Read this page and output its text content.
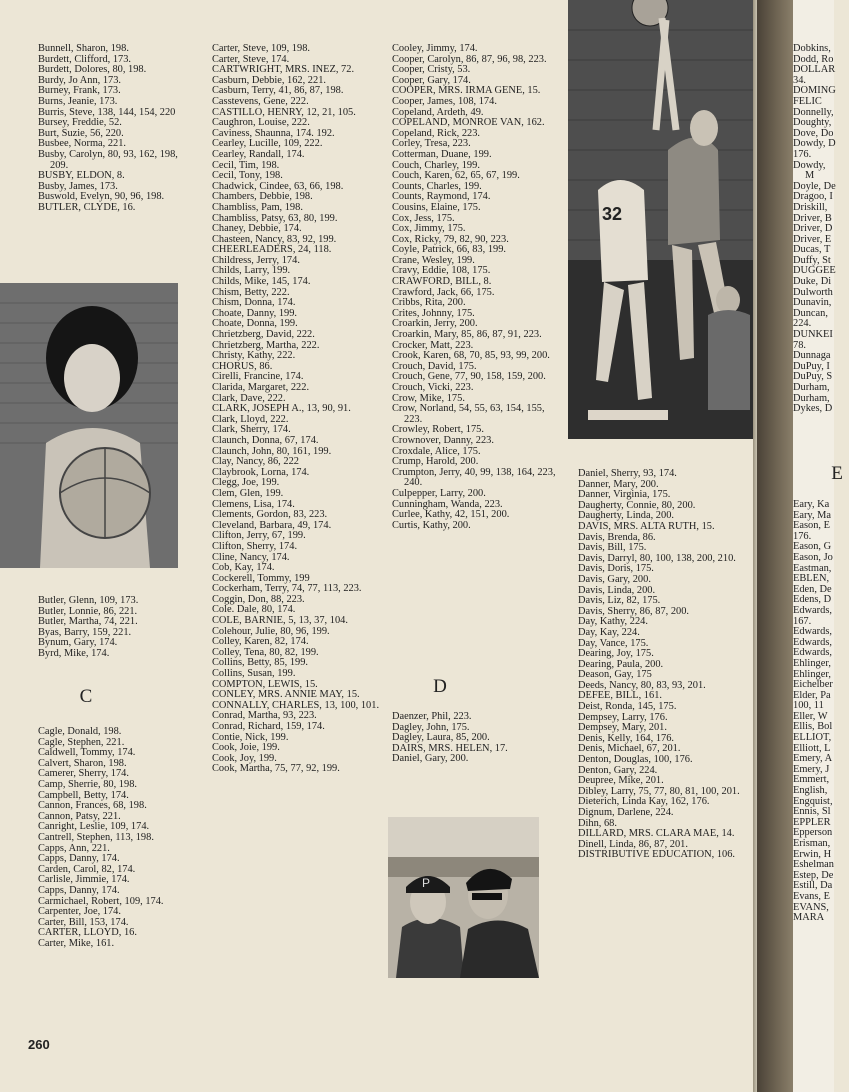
Bunnell, Sharon, 198.
Burdett, Clifford, 173.
Burdett, Dolores, 80, 198.
Burdy, Jo Ann, 173.
Burney, Frank, 173.
Burns, Jeanie, 173.
Burris, Steve, 138, 144, 154, 220
Bursey, Freddie, 52.
Burt, Suzie, 56, 220.
Busbee, Norma, 221.
Busby, Carolyn, 80, 93, 162, 198, 209.
BUSBY, ELDON, 8.
Busby, James, 173.
Buswold, Evelyn, 90, 96, 198.
BUTLER, CLYDE, 16.
Butler, Glenn, 109, 173.
Butler, Lonnie, 86, 221.
Butler, Martha, 74, 221.
Byas, Barry, 159, 221.
Bynum, Gary, 174.
Byrd, Mike, 174.
C
Cagle, Donald, 198.
Cagle, Stephen, 221.
Caldwell, Tommy, 174.
Calvert, Sharon, 198.
Camerer, Sherry, 174.
Camp, Sherrie, 80, 198.
Campbell, Betty, 174.
Cannon, Frances, 68, 198.
Cannon, Patsy, 221.
Canright, Leslie, 109, 174.
Cantrell, Stephen, 113, 198.
Capps, Ann, 221.
Capps, Danny, 174.
Carden, Carol, 82, 174.
Carlisle, Jimmie, 174.
Capps, Danny, 174.
Carmichael, Robert, 109, 174.
Carpenter, Joe, 174.
Carter, Bill, 153, 174.
CARTER, LLOYD, 16.
Carter, Mike, 161.
Carter, Steve, 109, 198.
Carter, Steve, 174.
CARTWRIGHT, MRS. INEZ, 72.
Casburn, Debbie, 162, 221.
Casburn, Terry, 41, 86, 87, 198.
Casstevens, Gene, 222.
CASTILLO, HENRY, 12, 21, 105.
Caughron, Louise, 222.
Caviness, Shaunna, 174. 192.
Cearley, Lucille, 109, 222.
Cearley, Randall, 174.
Cecil, Tim, 198.
Cecil, Tony, 198.
Chadwick, Cindee, 63, 66, 198.
Chambers, Debbie, 198.
Chambliss, Pam, 198.
Chambliss, Patsy, 63, 80, 199.
Chaney, Debbie, 174.
Chasteen, Nancy, 83, 92, 199.
CHEERLEADERS, 24, 118.
Childress, Jerry, 174.
Childs, Larry, 199.
Childs, Mike, 145, 174.
Chism, Betty, 222.
Chism, Donna, 174.
Choate, Danny, 199.
Choate, Donna, 199.
Chrietzberg, David, 222.
Chrietzberg, Martha, 222.
Christy, Kathy, 222.
CHORUS, 86.
Cirelli, Francine, 174.
Clarida, Margaret, 222.
Clark, Dave, 222.
CLARK, JOSEPH A., 13, 90, 91.
Clark, Lloyd, 222.
Clark, Sherry, 174.
Claunch, Donna, 67, 174.
Claunch, John, 80, 161, 199.
Clay, Nancy, 86, 222
Claybrook, Lorna, 174.
Clegg, Joe, 199.
Clem, Glen, 199.
Clemens, Lisa, 174.
Clements, Gordon, 83, 223.
Cleveland, Barbara, 49, 174.
Clifton, Jerry, 67, 199.
Clifton, Sherry, 174.
Cline, Nancy, 174.
Cob, Kay, 174.
Cockerell, Tommy, 199
Cockerham, Terry, 74, 77, 113, 223.
Coggin, Don, 88, 223.
Cole. Dale, 80, 174.
COLE, BARNIE, 5, 13, 37, 104.
Colehour, Julie, 80, 96, 199.
Colley, Karen, 82, 174.
Colley, Tena, 80, 82, 199.
Collins, Betty, 85, 199.
Collins, Susan, 199.
COMPTON, LEWIS, 15.
CONLEY, MRS. ANNIE MAY, 15.
CONNALLY, CHARLES, 13, 100, 101.
Conrad, Martha, 93, 223.
Conrad, Richard, 159, 174.
Contie, Nick, 199.
Cook, Joie, 199.
Cook, Joy, 199.
Cook, Martha, 75, 77, 92, 199.
Cooley, Jimmy, 174.
Cooper, Carolyn, 86, 87, 96, 98, 223.
Cooper, Cristy, 53.
Cooper, Gary, 174.
COOPER, MRS. IRMA GENE, 15.
Cooper, James, 108, 174.
Copeland, Ardeth, 49.
COPELAND, MONROE VAN, 162.
Copeland, Rick, 223.
Corley, Tresa, 223.
Cotterman, Duane, 199.
Couch, Charley, 199.
Couch, Karen, 62, 65, 67, 199.
Counts, Charles, 199.
Counts, Raymond, 174.
Cousins, Elaine, 175.
Cox, Jess, 175.
Cox, Jimmy, 175.
Cox, Ricky, 79, 82, 90, 223.
Coyle, Patrick, 66, 83, 199.
Crane, Wesley, 199.
Cravy, Eddie, 108, 175.
CRAWFORD, BILL, 8.
Crawford, Jack, 66, 175.
Cribbs, Rita, 200.
Crites, Johnny, 175.
Croarkin, Jerry, 200.
Croarkin, Mary, 85, 86, 87, 91, 223.
Crocker, Matt, 223.
Crook, Karen, 68, 70, 85, 93, 99, 200.
Crouch, David, 175.
Crouch, Gene, 77, 90, 158, 159, 200.
Crouch, Vicki, 223.
Crow, Mike, 175.
Crow, Norland, 54, 55, 63, 154, 155, 223.
Crowley, Robert, 175.
Crownover, Danny, 223.
Croxdale, Alice, 175.
Crump, Harold, 200.
Crumpton, Jerry, 40, 99, 138, 164, 223, 240.
Culpepper, Larry, 200.
Cunningham, Wanda, 223.
Curlee, Kathy, 42, 151, 200.
Curtis, Kathy, 200.
D
Daenzer, Phil, 223.
Dagley, John, 175.
Dagley, Laura, 85, 200.
DAIRS, MRS. HELEN, 17.
Daniel, Gary, 200.
P
32
Daniel, Sherry, 93, 174.
Danner, Mary, 200.
Danner, Virginia, 175.
Daugherty, Connie, 80, 200.
Daugherty, Linda, 200.
DAVIS, MRS. ALTA RUTH, 15.
Davis, Brenda, 86.
Davis, Bill, 175.
Davis, Darryl, 80, 100, 138, 200, 210.
Davis, Doris, 175.
Davis, Gary, 200.
Davis, Linda, 200.
Davis, Liz, 82, 175.
Davis, Sherry, 86, 87, 200.
Day, Kathy, 224.
Day, Kay, 224.
Day, Vance, 175.
Dearing, Joy, 175.
Dearing, Paula, 200.
Deason, Gay, 175
Deeds, Nancy, 80, 83, 93, 201.
DEFEE, BILL, 161.
Deist, Ronda, 145, 175.
Dempsey, Larry, 176.
Dempsey, Mary, 201.
Denis, Kelly, 164, 176.
Denis, Michael, 67, 201.
Denton, Douglas, 100, 176.
Denton, Gary, 224.
Deupree, Mike, 201.
Dibley, Larry, 75, 77, 80, 81, 100, 201.
Dieterich, Linda Kay, 162, 176.
Dignum, Darlene, 224.
Dihn, 68.
DILLARD, MRS. CLARA MAE, 14.
Dinell, Linda, 86, 87, 201.
DISTRIBUTIVE EDUCATION, 106.
Dobkins,
Dodd, Ro
DOLLAR
34.
DOMING
FELIC
Donnelly,
Doughty,
Dove, Do
Dowdy, D
176.
Dowdy, M
Doyle, De
Dragoo, I
Driskill,
Driver, B
Driver, D
Driver, E
Ducas, T
Duffy, St
DUGGEE
Duke, Di
Dulworth
Dunavin,
Duncan,
224.
DUNKEI
78.
Dunnaga
DuPuy, I
DuPuy, S
Durham,
Durham,
Dykes, D
E
Eary, Ka
Eary, Ma
Eason, E
176.
Eason, G
Eason, Jo
Eastman,
EBLEN,
Eden, De
Edens, D
Edwards,
167.
Edwards,
Edwards,
Edwards,
Ehlinger,
Ehlinger,
Eichelber
Elder, Pa
100, 11
Eller, W
Ellis, Bol
ELLIOT,
Elliott, L
Emery, A
Emery, J
Emmert,
English,
Engquist,
Ennis, Sl
EPPLER
Epperson
Erisman,
Erwin, H
Eshelman
Estep, De
Estill, Da
Evans, E
EVANS,
MARA
260
